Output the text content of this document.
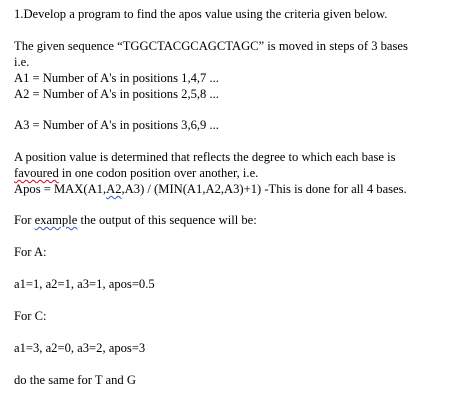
1.Develop a program to find the apos value using the criteria given below.
The given sequence “TGGCTACGCAGCTAGC” is moved in steps of 3 bases
i.e.
A1 = Number of A's in positions 1,4,7 ...
A2 = Number of A's in positions 2,5,8 ...
A3 = Number of A's in positions 3,6,9 ...
A position value is determined that reflects the degree to which each base is
favoured in one codon position over another, i.e.
Apos = MAX(A1,A2,A3) / (MIN(A1,A2,A3)+1) -This is done for all 4 bases.
For example the output of this sequence will be:
For A:
a1=1, a2=1, a3=1, apos=0.5
For C:
a1=3, a2=0, a3=2, apos=3
do the same for T and G
